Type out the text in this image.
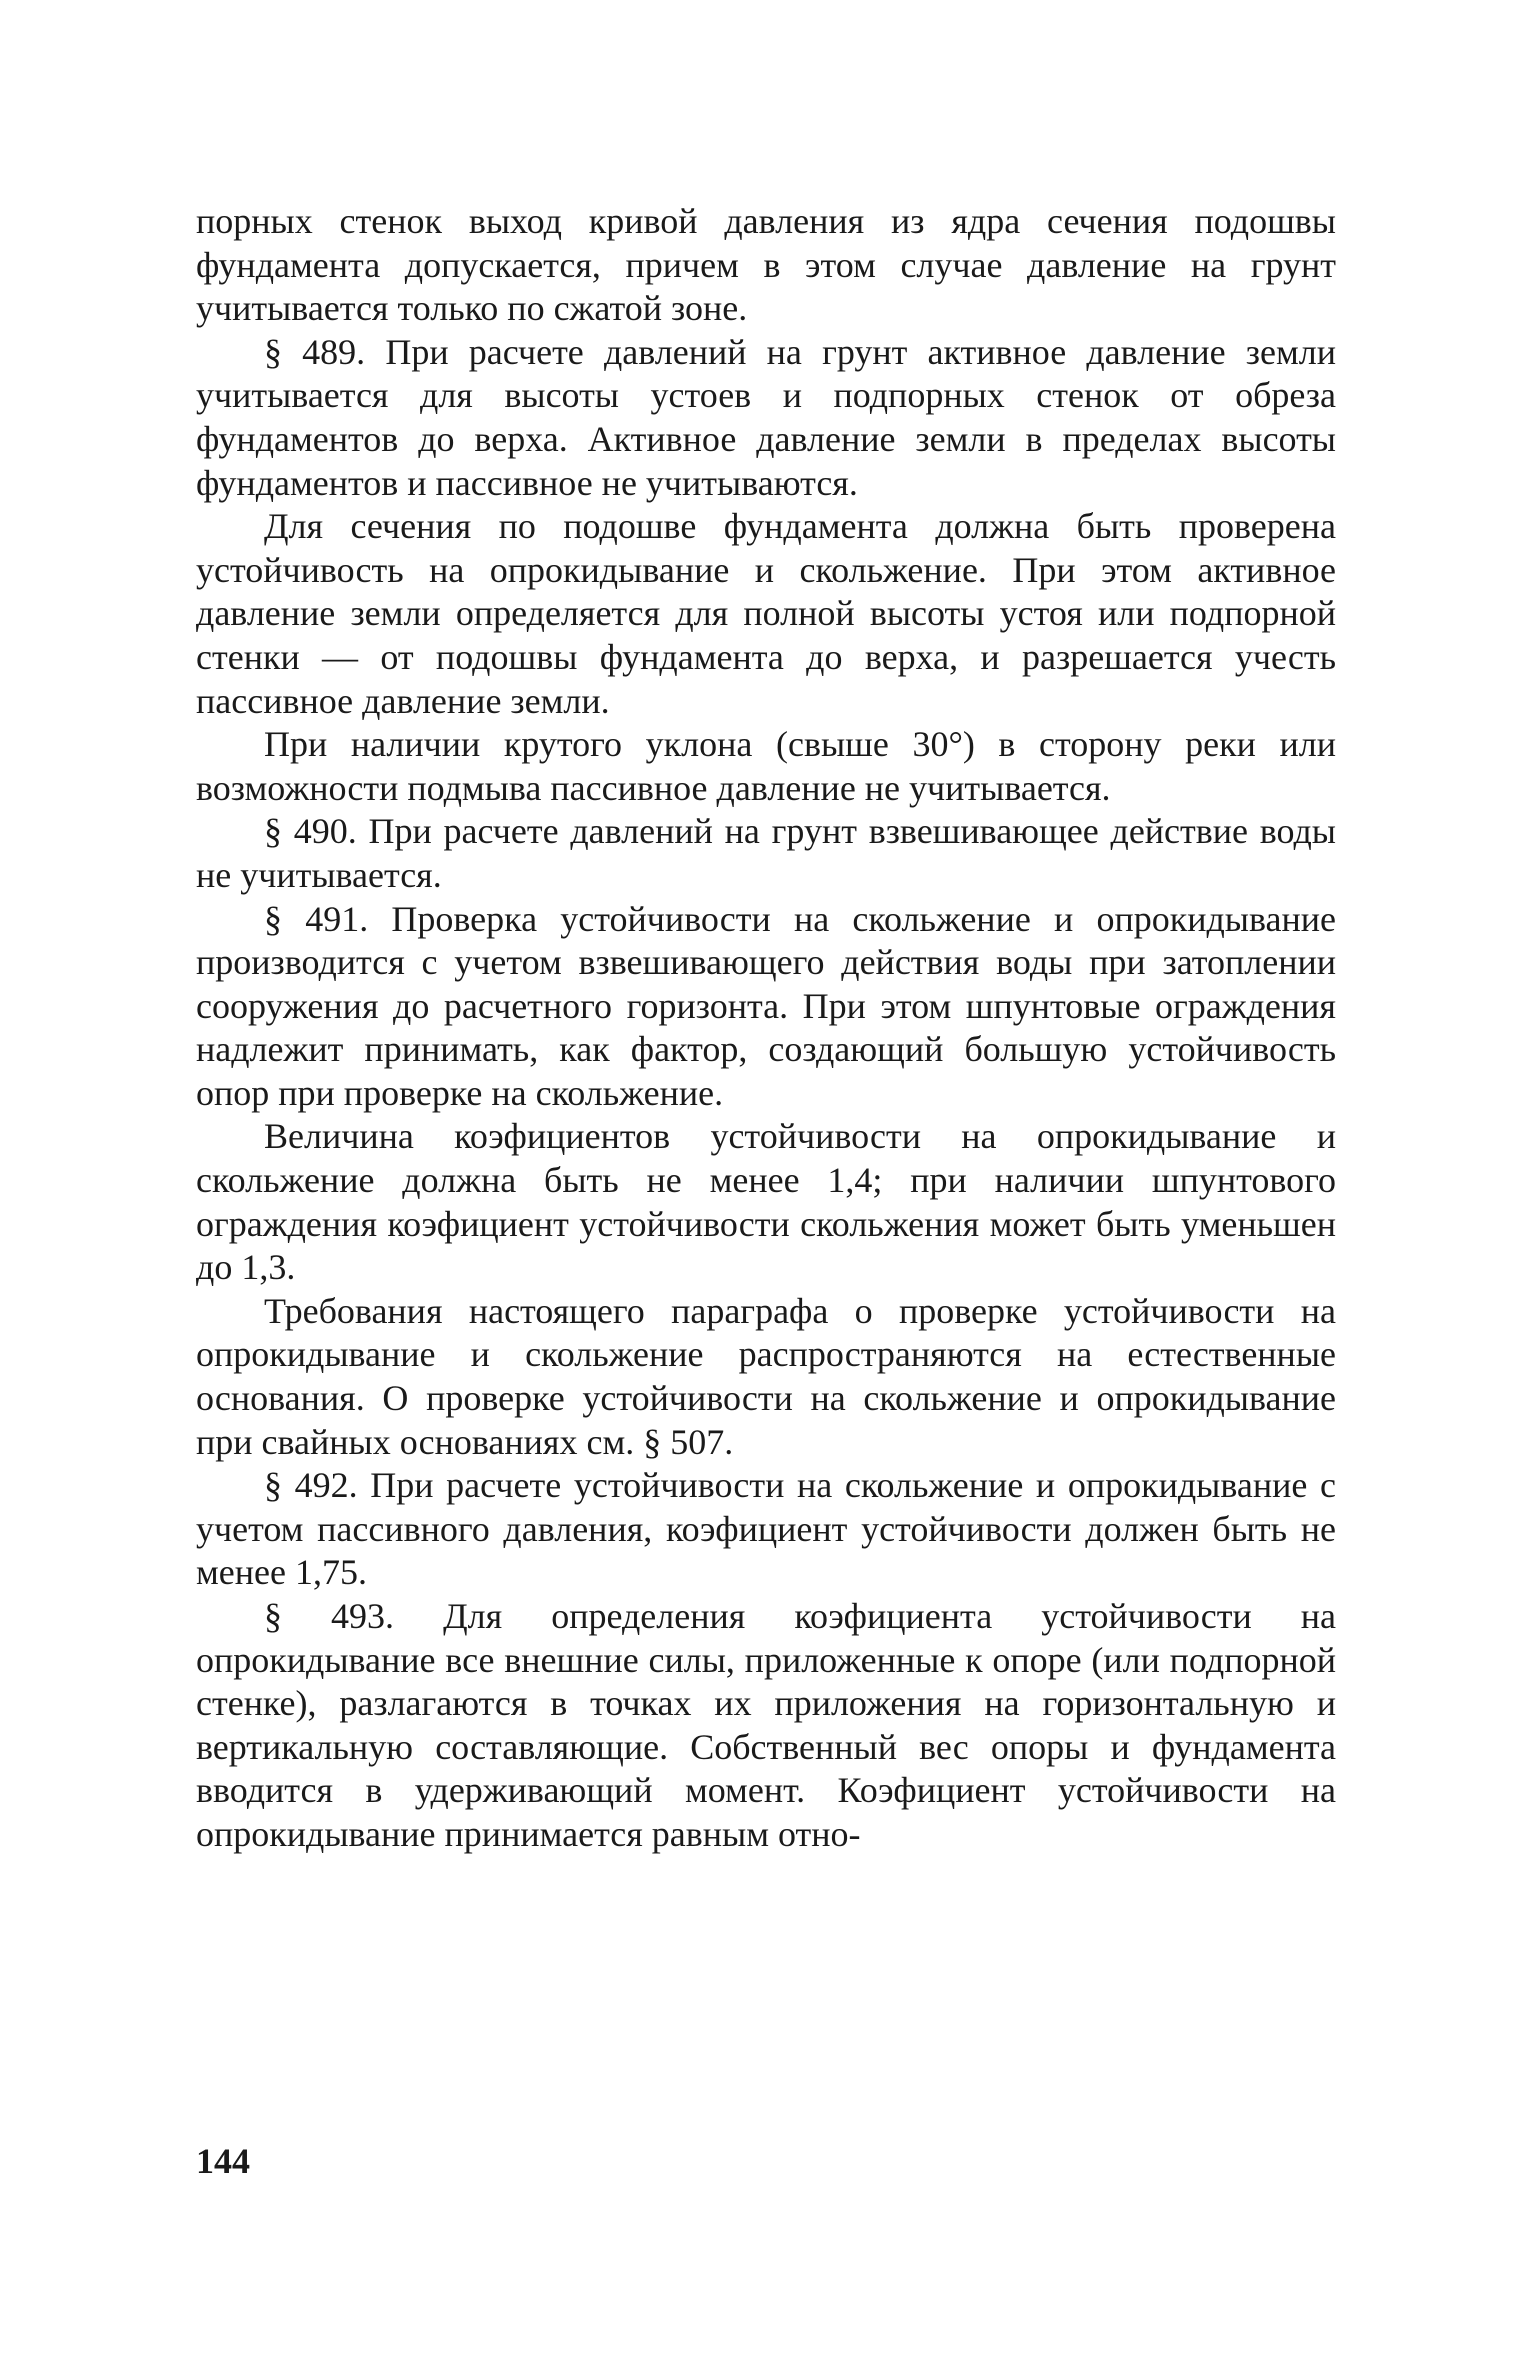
порных стенок выход кривой давления из ядра сечения подошвы фундамента допускается, причем в этом случае давление на грунт учитывается только по сжатой зоне.

§ 489. При расчете давлений на грунт активное давление земли учитывается для высоты устоев и подпорных стенок от обреза фундаментов до верха. Активное давление земли в пределах высоты фундаментов и пассивное не учитываются.

Для сечения по подошве фундамента должна быть проверена устойчивость на опрокидывание и скольжение. При этом активное давление земли определяется для полной высоты устоя или подпорной стенки — от подошвы фундамента до верха, и разрешается учесть пассивное давление земли.

При наличии крутого уклона (свыше 30°) в сторону реки или возможности подмыва пассивное давление не учитывается.

§ 490. При расчете давлений на грунт взвешивающее действие воды не учитывается.

§ 491. Проверка устойчивости на скольжение и опрокидывание производится с учетом взвешивающего действия воды при затоплении сооружения до расчетного горизонта. При этом шпунтовые ограждения надлежит принимать, как фактор, создающий большую устойчивость опор при проверке на скольжение.

Величина коэфициентов устойчивости на опрокидывание и скольжение должна быть не менее 1,4; при наличии шпунтового ограждения коэфициент устойчивости скольжения может быть уменьшен до 1,3.

Требования настоящего параграфа о проверке устойчивости на опрокидывание и скольжение распространяются на естественные основания. О проверке устойчивости на скольжение и опрокидывание при свайных основаниях см. § 507.

§ 492. При расчете устойчивости на скольжение и опрокидывание с учетом пассивного давления, коэфициент устойчивости должен быть не менее 1,75.

§ 493. Для определения коэфициента устойчивости на опрокидывание все внешние силы, приложенные к опоре (или подпорной стенке), разлагаются в точках их приложения на горизонтальную и вертикальную составляющие. Собственный вес опоры и фундамента вводится в удерживающий момент. Коэфициент устойчивости на опрокидывание принимается равным отно-

144
